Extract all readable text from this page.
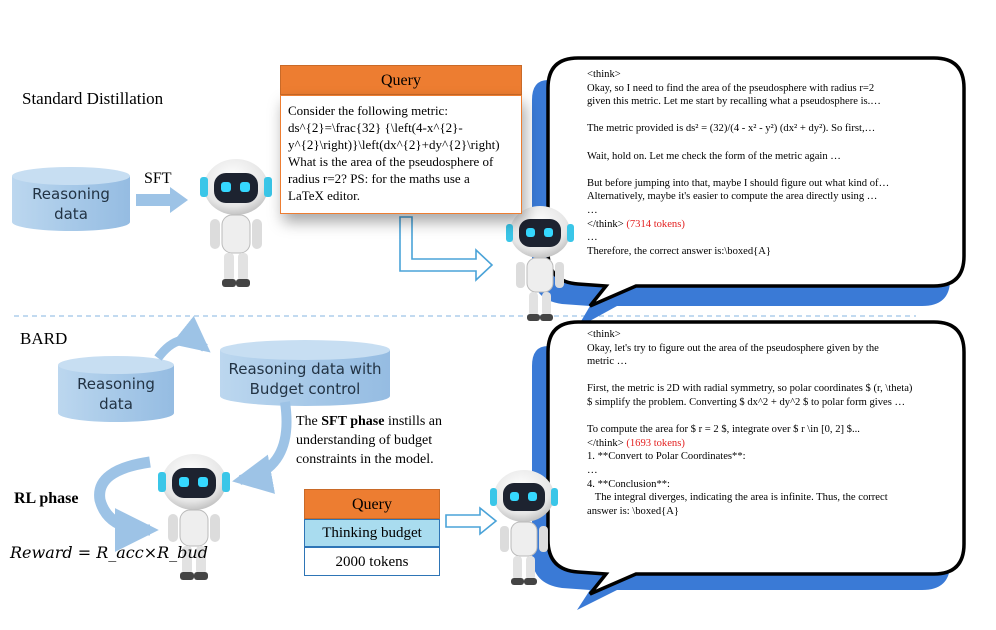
Standard Distillation
Reasoning
data
SFT
Query
Consider the following metric:
ds^{2}=\frac{32} {\left(4-x^{2}-
y^{2}\right)}\left(dx^{2}+dy^{2}\right)
What is the area of the pseudosphere of
radius r=2? PS: for the maths use a
LaTeX editor.

<think>

Okay, so I need to find the area of the pseudosphere with radius r=2

given this metric. Let me start by recalling what a pseudosphere is.…

The metric provided is ds² = (32)/(4 - x² - y²) (dx² + dy²). So first,…

Wait, hold on. Let me check the form of the metric again …

But before jumping into that, maybe I should figure out what kind of…

Alternatively, maybe it's easier to compute the area directly using …

…

</think> (7314 tokens)

…

Therefore, the correct answer is:\boxed{A}

BARD
Reasoning
data
Reasoning data with
Budget control
The SFT phase instills an
understanding of budget
constraints in the model.
RL phase
Reward = R_acc×R_bud
Query
Thinking budget
2000 tokens

<think>

Okay, let's try to figure out the area of the pseudosphere given by the

metric …

First, the metric is 2D with radial symmetry, so polar coordinates $ (r, \theta)

$ simplify the problem. Converting $ dx^2 + dy^2 $ to polar form gives …

To compute the area for $ r = 2 $, integrate over $ r \in [0, 2] $...

</think> (1693 tokens)

1. **Convert to Polar Coordinates**:

…

4. **Conclusion**:

The integral diverges, indicating the area is infinite. Thus, the correct

answer is: \boxed{A}
